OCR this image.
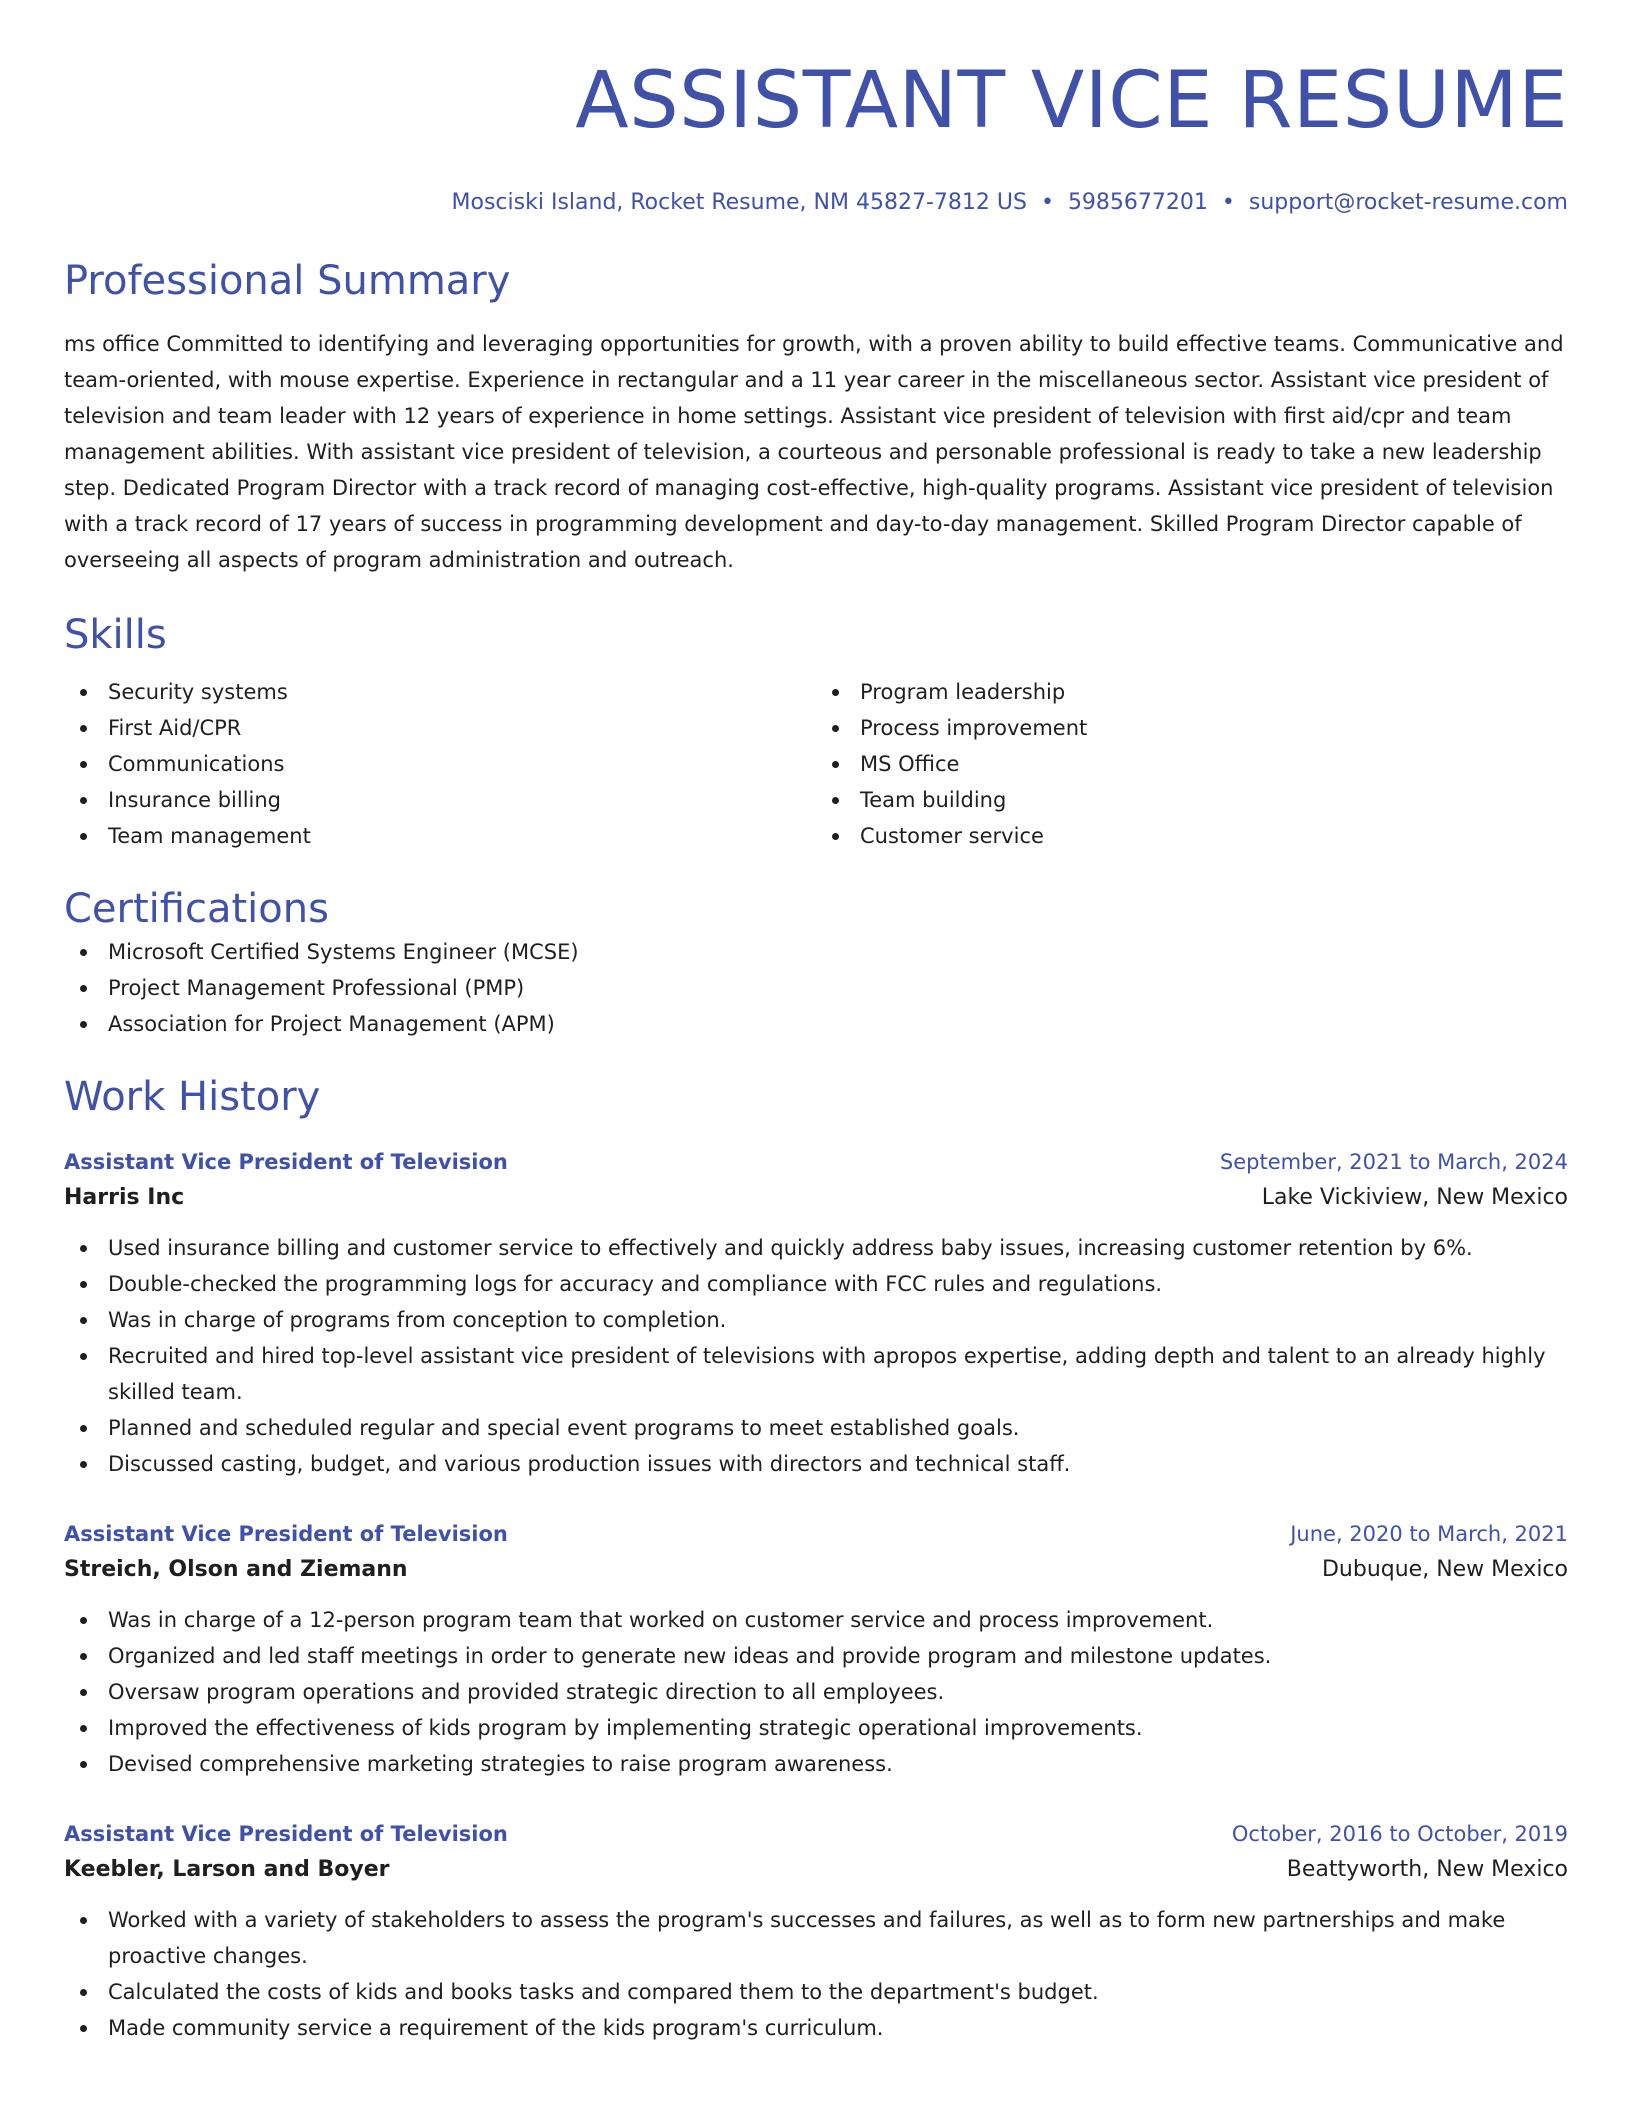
ASSISTANT VICE RESUME
Mosciski Island, Rocket Resume, NM 45827-7812 US • 5985677201 • support@rocket-resume.com
Professional Summary

ms office Committed to identifying and leveraging opportunities for growth, with a proven ability to build effective teams. Communicative and team-oriented, with mouse expertise. Experience in rectangular and a 11 year career in the miscellaneous sector. Assistant vice president of television and team leader with 12 years of experience in home settings. Assistant vice president of television with first aid/cpr and team management abilities. With assistant vice president of television, a courteous and personable professional is ready to take a new leadership step. Dedicated Program Director with a track record of managing cost-effective, high-quality programs. Assistant vice president of television with a track record of 17 years of success in programming development and day-to-day management. Skilled Program Director capable of overseeing all aspects of program administration and outreach.

Skills
Security systems
First Aid/CPR
Communications
Insurance billing
Team management
Program leadership
Process improvement
MS Office
Team building
Customer service
Certifications
Microsoft Certified Systems Engineer (MCSE)
Project Management Professional (PMP)
Association for Project Management (APM)
Work History
Assistant Vice President of Television	September, 2021 to March, 2024
Harris Inc	Lake Vickiview, New Mexico
Used insurance billing and customer service to effectively and quickly address baby issues, increasing customer retention by 6%.
Double-checked the programming logs for accuracy and compliance with FCC rules and regulations.
Was in charge of programs from conception to completion.
Recruited and hired top-level assistant vice president of televisions with apropos expertise, adding depth and talent to an already highly skilled team.
Planned and scheduled regular and special event programs to meet established goals.
Discussed casting, budget, and various production issues with directors and technical staff.
Assistant Vice President of Television	June, 2020 to March, 2021
Streich, Olson and Ziemann	Dubuque, New Mexico
Was in charge of a 12-person program team that worked on customer service and process improvement.
Organized and led staff meetings in order to generate new ideas and provide program and milestone updates.
Oversaw program operations and provided strategic direction to all employees.
Improved the effectiveness of kids program by implementing strategic operational improvements.
Devised comprehensive marketing strategies to raise program awareness.
Assistant Vice President of Television	October, 2016 to October, 2019
Keebler, Larson and Boyer	Beattyworth, New Mexico
Worked with a variety of stakeholders to assess the program's successes and failures, as well as to form new partnerships and make proactive changes.
Calculated the costs of kids and books tasks and compared them to the department's budget.
Made community service a requirement of the kids program's curriculum.
